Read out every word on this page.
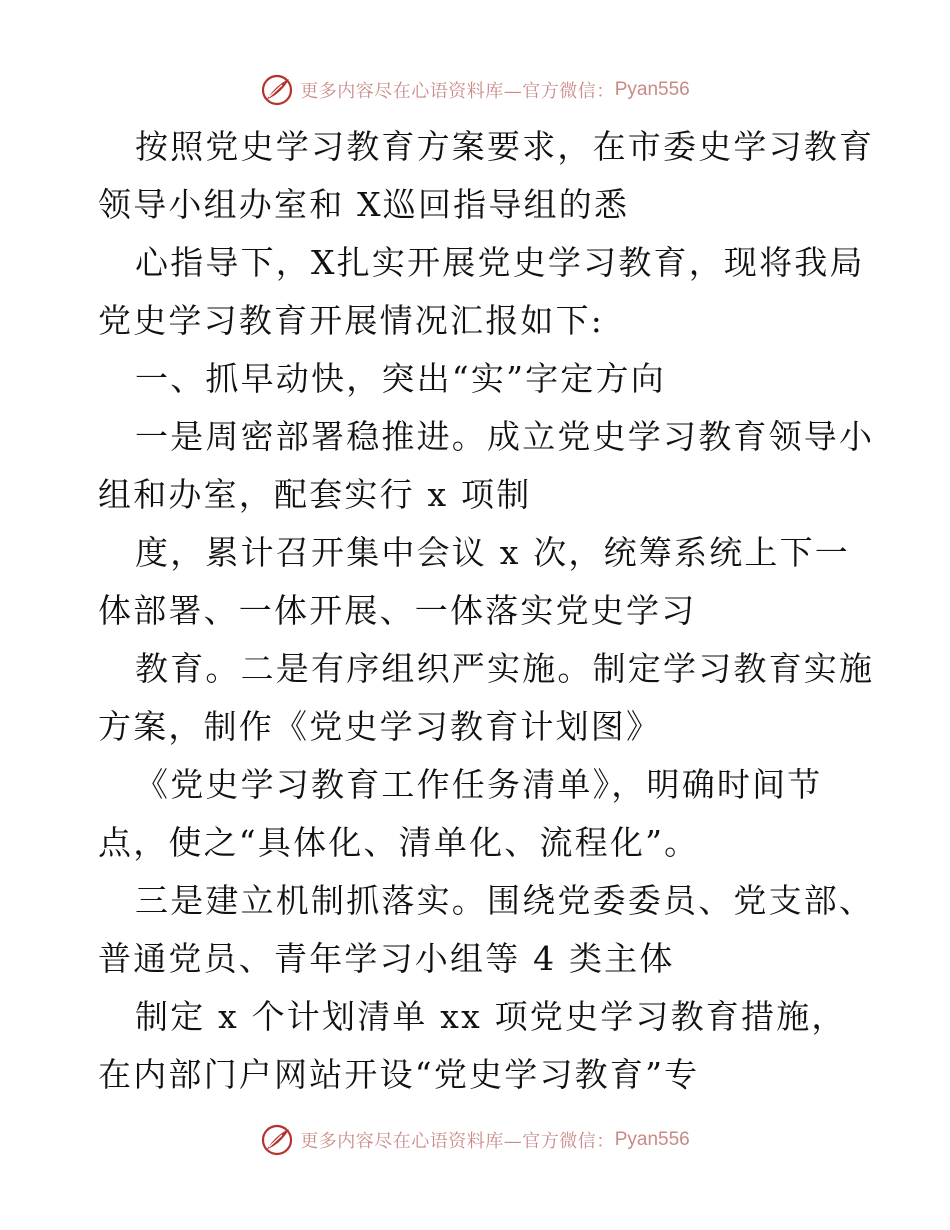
更多内容尽在心语资料库—官方微信： Pyan556
按照党史学习教育方案要求，在市委史学习教育
领导小组办室和 X巡回指导组的悉
心指导下，X扎实开展党史学习教育，现将我局
党史学习教育开展情况汇报如下:
一、抓早动快，突出“实”字定方向
一是周密部署稳推进。成立党史学习教育领导小
组和办室，配套实行 x 项制
度，累计召开集中会议 x 次，统筹系统上下一
体部署、一体开展、一体落实党史学习
教育。二是有序组织严实施。制定学习教育实施
方案，制作《党史学习教育计划图》
《党史学习教育工作任务清单》，明确时间节
点，使之“具体化、清单化、流程化”。
三是建立机制抓落实。围绕党委委员、党支部、
普通党员、青年学习小组等 4 类主体
制定 x 个计划清单 xx 项党史学习教育措施，
在内部门户网站开设“党史学习教育”专
更多内容尽在心语资料库—官方微信： Pyan556
